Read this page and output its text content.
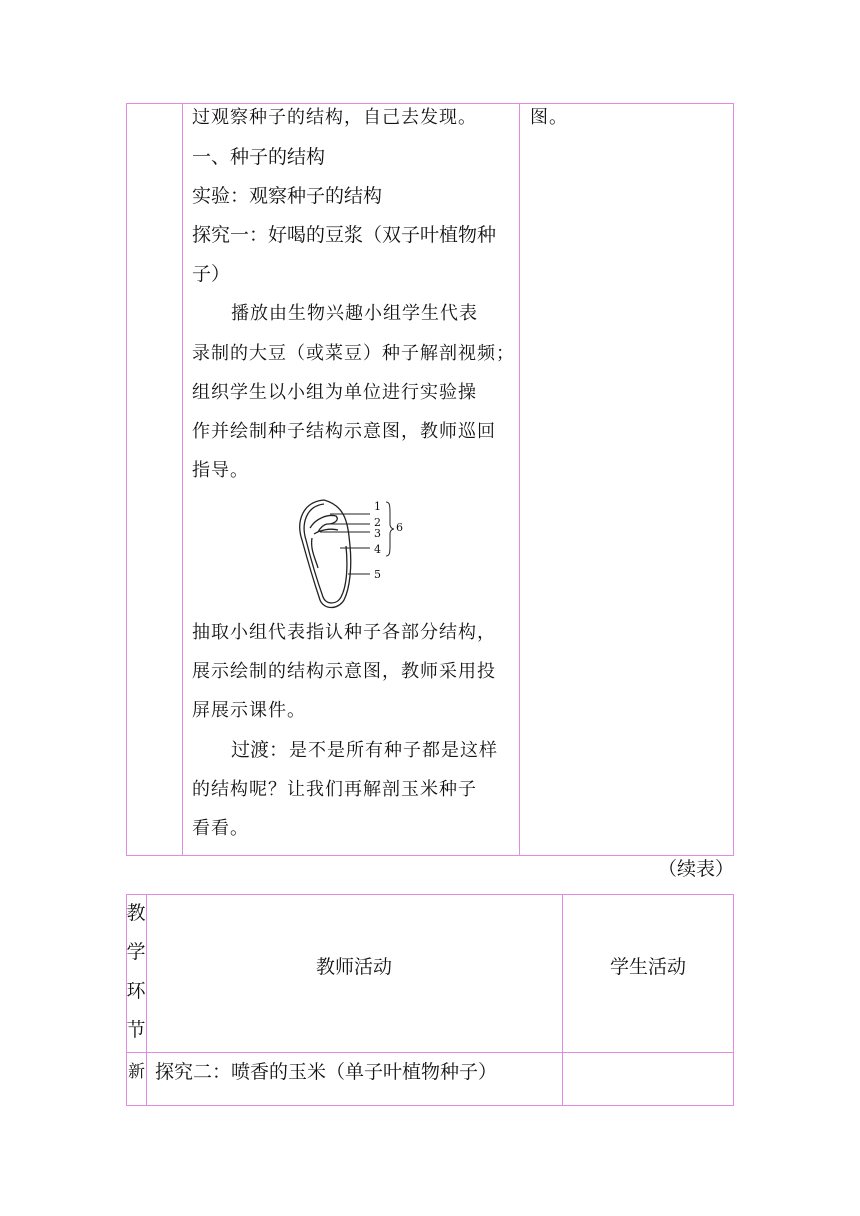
图。
过观察种子的结构，自己去发现。
一、种子的结构
实验：观察种子的结构
探究一：好喝的豆浆（双子叶植物种
子）
播放由生物兴趣小组学生代表
录制的大豆（或菜豆）种子解剖视频；
组织学生以小组为单位进行实验操
作并绘制种子结构示意图，教师巡回
指导。
1
2
3
4
5
6
抽取小组代表指认种子各部分结构，
展示绘制的结构示意图，教师采用投
屏展示课件。
过渡： 是不是所有种子都是这样
的结构呢？让我们再解剖玉米种子
看看。
（续表）
教
学
环
节
教师活动	学生活动
新 探究二：喷香的玉米（单子叶植物种子）
